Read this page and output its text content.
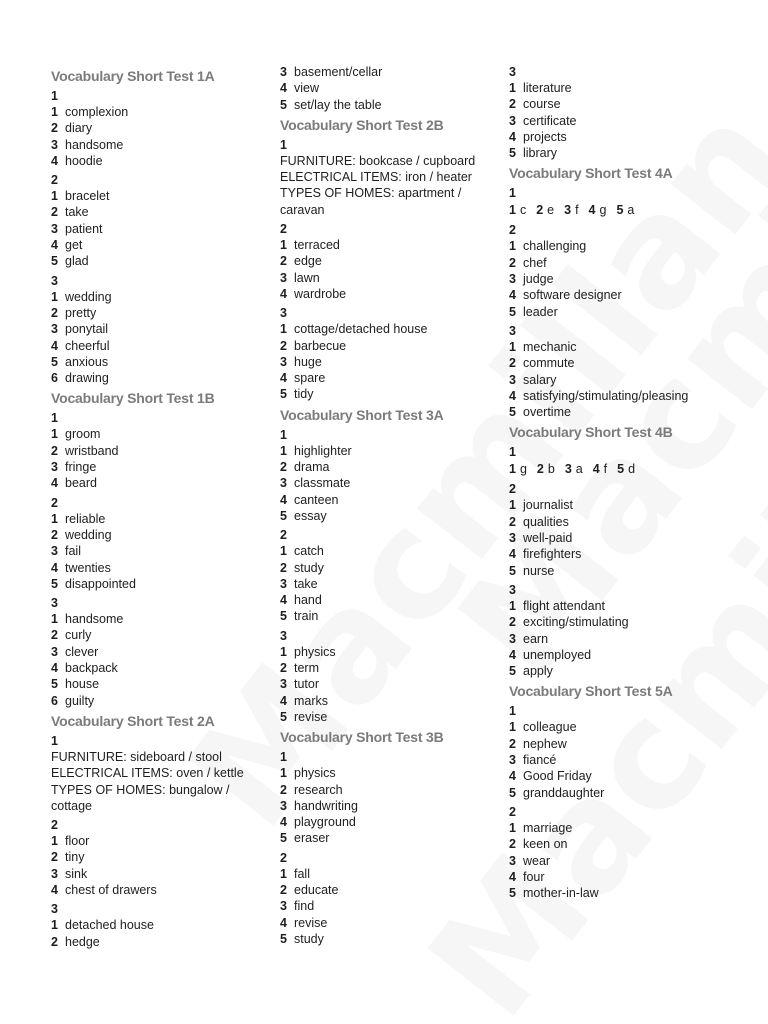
Vocabulary Short Test 1A
1
1 complexion
2 diary
3 handsome
4 hoodie
2
1 bracelet
2 take
3 patient
4 get
5 glad
3
1 wedding
2 pretty
3 ponytail
4 cheerful
5 anxious
6 drawing
Vocabulary Short Test 1B
1
1 groom
2 wristband
3 fringe
4 beard
2
1 reliable
2 wedding
3 fail
4 twenties
5 disappointed
3
1 handsome
2 curly
3 clever
4 backpack
5 house
6 guilty
Vocabulary Short Test 2A
1
FURNITURE: sideboard / stool
ELECTRICAL ITEMS: oven / kettle
TYPES OF HOMES: bungalow /
cottage
2
1 floor
2 tiny
3 sink
4 chest of drawers
3
1 detached house
2 hedge
3 basement/cellar
4 view
5 set/lay the table
Vocabulary Short Test 2B
1
FURNITURE: bookcase / cupboard
ELECTRICAL ITEMS: iron / heater
TYPES OF HOMES: apartment /
caravan
2
1 terraced
2 edge
3 lawn
4 wardrobe
3
1 cottage/detached house
2 barbecue
3 huge
4 spare
5 tidy
Vocabulary Short Test 3A
1
1 highlighter
2 drama
3 classmate
4 canteen
5 essay
2
1 catch
2 study
3 take
4 hand
5 train
3
1 physics
2 term
3 tutor
4 marks
5 revise
Vocabulary Short Test 3B
1
1 physics
2 research
3 handwriting
4 playground
5 eraser
2
1 fall
2 educate
3 find
4 revise
5 study
3
1 literature
2 course
3 certificate
4 projects
5 library
Vocabulary Short Test 4A
1
1 c 2 e 3 f 4 g 5 a
2
1 challenging
2 chef
3 judge
4 software designer
5 leader
3
1 mechanic
2 commute
3 salary
4 satisfying/stimulating/pleasing
5 overtime
Vocabulary Short Test 4B
1
1 g 2 b 3 a 4 f 5 d
2
1 journalist
2 qualities
3 well-paid
4 firefighters
5 nurse
3
1 flight attendant
2 exciting/stimulating
3 earn
4 unemployed
5 apply
Vocabulary Short Test 5A
1
1 colleague
2 nephew
3 fiancé
4 Good Friday
5 granddaughter
2
1 marriage
2 keen on
3 wear
4 four
5 mother-in-law
